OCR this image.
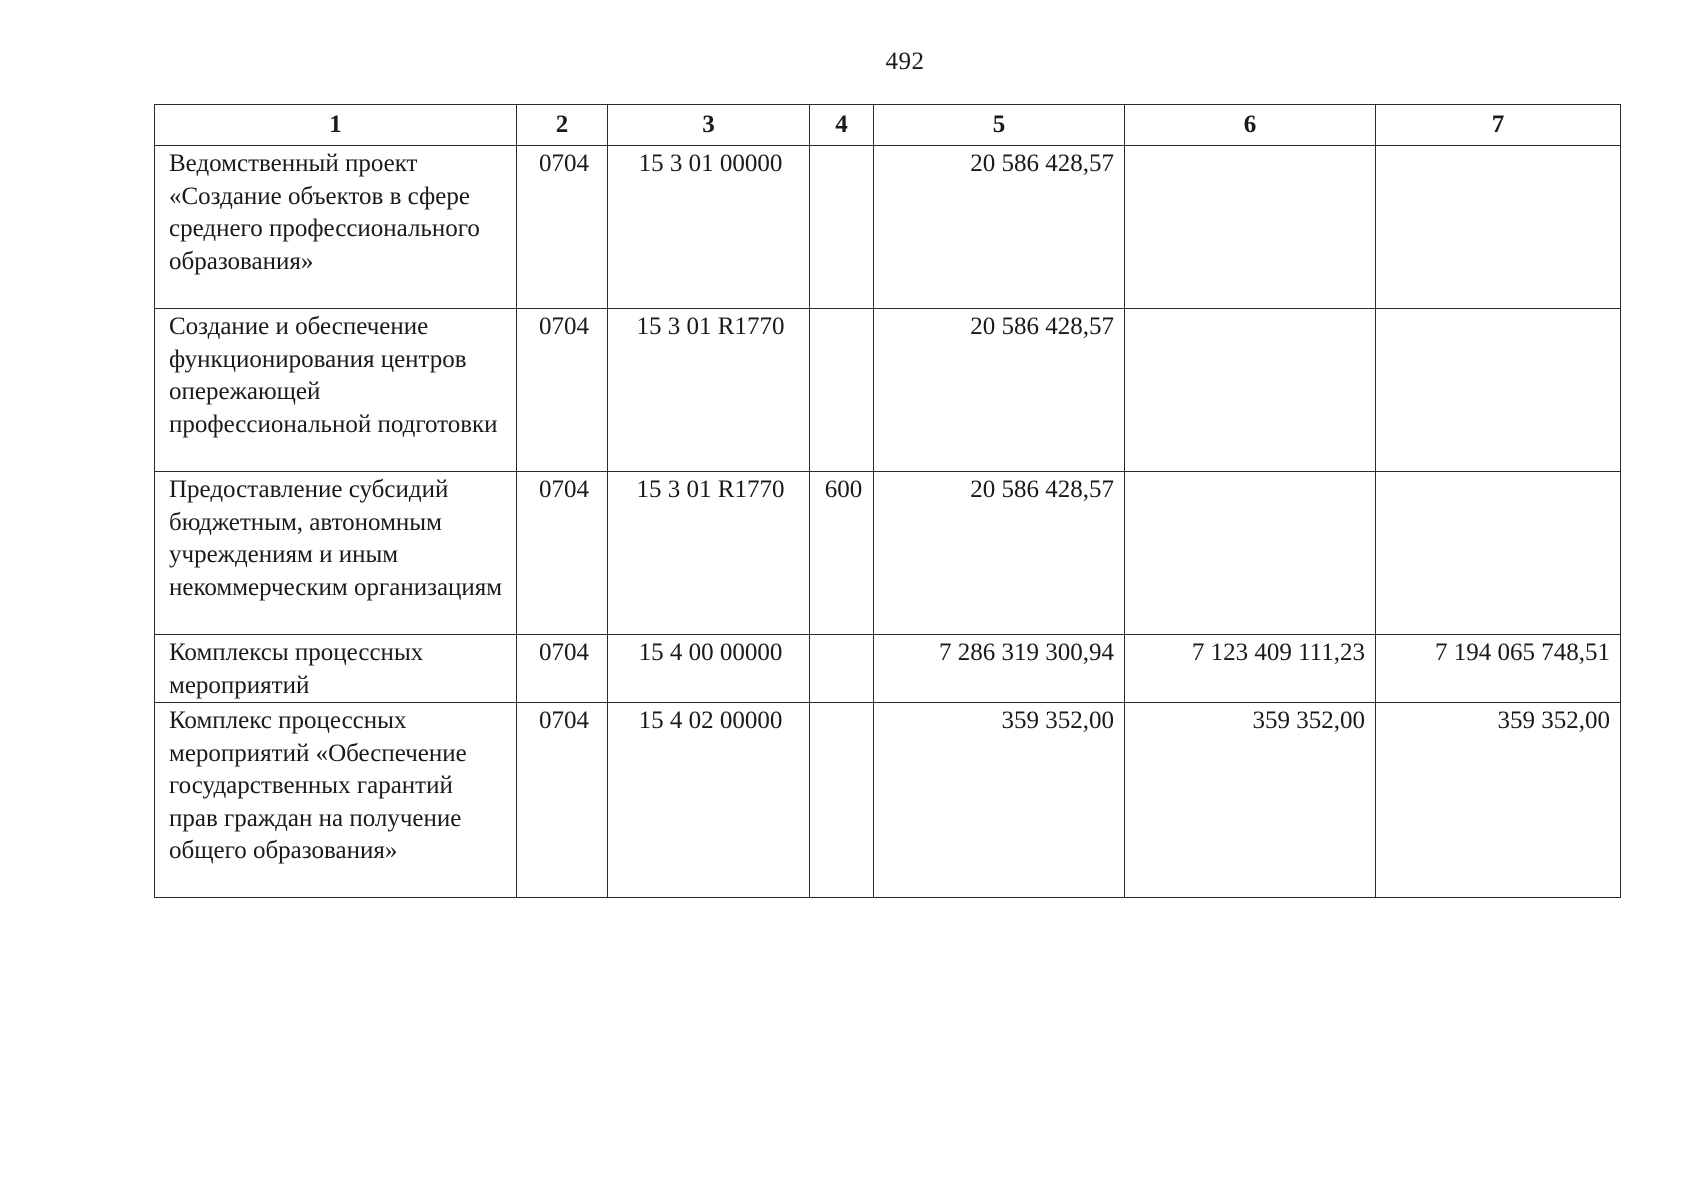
492
1	2	3	4	5	6	7
Ведомственный проект «Создание объектов в сфере среднего профессионального образования»	0704	15 3 01 00000		20 586 428,57		
Создание и обеспечение функционирования центров опережающей профессиональной подготовки	0704	15 3 01 R1770		20 586 428,57		
Предоставление субсидий бюджетным, автономным учреждениям и иным некоммерческим организациям	0704	15 3 01 R1770	600	20 586 428,57		
Комплексы процессных мероприятий	0704	15 4 00 00000		7 286 319 300,94	7 123 409 111,23	7 194 065 748,51
Комплекс процессных мероприятий «Обеспечение государственных гарантий прав граждан на получение общего образования»	0704	15 4 02 00000		359 352,00	359 352,00	359 352,00
